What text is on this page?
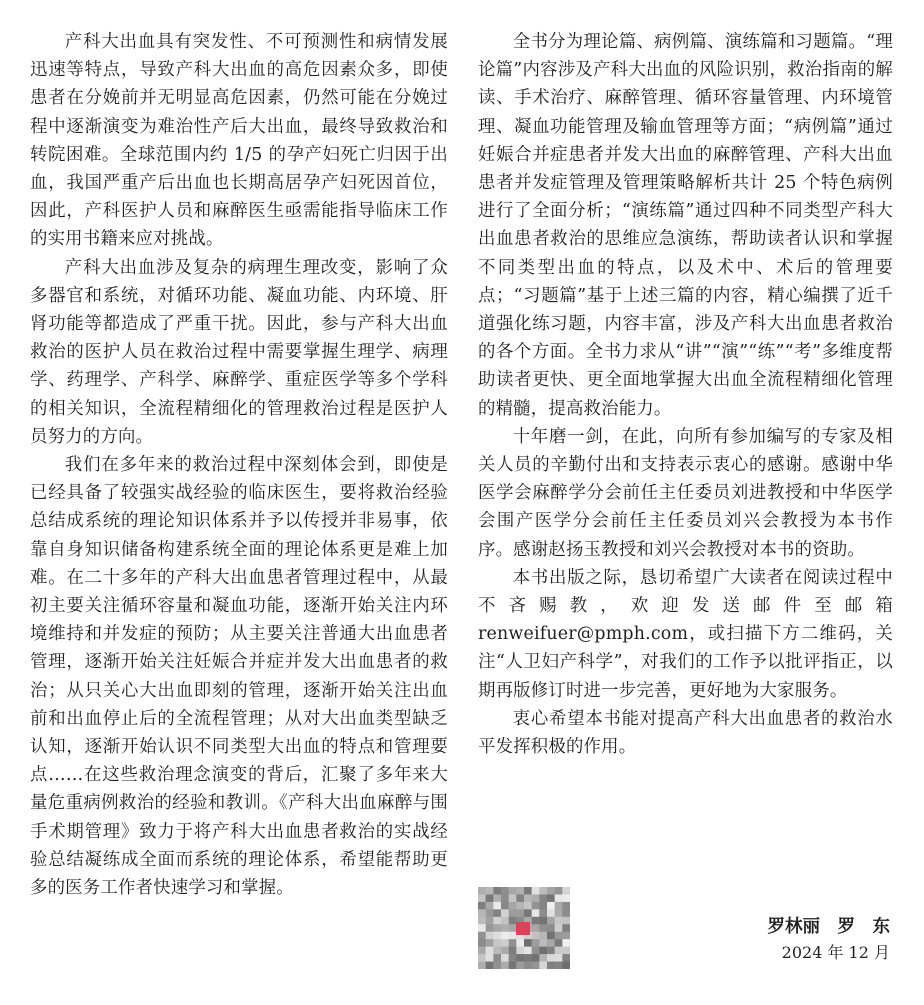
产科大出血具有突发性、不可预测性和病情发展迅速等特点，导致产科大出血的高危因素众多，即使患者在分娩前并无明显高危因素，仍然可能在分娩过程中逐渐演变为难治性产后大出血，最终导致救治和转院困难。全球范围内约 1/5 的孕产妇死亡归因于出血，我国严重产后出血也长期高居孕产妇死因首位，因此，产科医护人员和麻醉医生亟需能指导临床工作的实用书籍来应对挑战。

产科大出血涉及复杂的病理生理改变，影响了众多器官和系统，对循环功能、凝血功能、内环境、肝肾功能等都造成了严重干扰。因此，参与产科大出血救治的医护人员在救治过程中需要掌握生理学、病理学、药理学、产科学、麻醉学、重症医学等多个学科的相关知识，全流程精细化的管理救治过程是医护人员努力的方向。

我们在多年来的救治过程中深刻体会到，即使是已经具备了较强实战经验的临床医生，要将救治经验总结成系统的理论知识体系并予以传授并非易事，依靠自身知识储备构建系统全面的理论体系更是难上加难。在二十多年的产科大出血患者管理过程中，从最初主要关注循环容量和凝血功能，逐渐开始关注内环境维持和并发症的预防；从主要关注普通大出血患者管理，逐渐开始关注妊娠合并症并发大出血患者的救治；从只关心大出血即刻的管理，逐渐开始关注出血前和出血停止后的全流程管理；从对大出血类型缺乏认知，逐渐开始认识不同类型大出血的特点和管理要点……在这些救治理念演变的背后，汇聚了多年来大量危重病例救治的经验和教训。《产科大出血麻醉与围手术期管理》致力于将产科大出血患者救治的实战经验总结凝练成全面而系统的理论体系，希望能帮助更多的医务工作者快速学习和掌握。

全书分为理论篇、病例篇、演练篇和习题篇。“理论篇”内容涉及产科大出血的风险识别，救治指南的解读、手术治疗、麻醉管理、循环容量管理、内环境管理、凝血功能管理及输血管理等方面；“病例篇”通过妊娠合并症患者并发大出血的麻醉管理、产科大出血患者并发症管理及管理策略解析共计 25 个特色病例进行了全面分析；“演练篇”通过四种不同类型产科大出血患者救治的思维应急演练，帮助读者认识和掌握不同类型出血的特点，以及术中、术后的管理要点；“习题篇”基于上述三篇的内容，精心编撰了近千道强化练习题，内容丰富，涉及产科大出血患者救治的各个方面。全书力求从“讲”“演”“练”“考”多维度帮助读者更快、更全面地掌握大出血全流程精细化管理的精髓，提高救治能力。

十年磨一剑，在此，向所有参加编写的专家及相关人员的辛勤付出和支持表示衷心的感谢。感谢中华医学会麻醉学分会前任主任委员刘进教授和中华医学会围产医学分会前任主任委员刘兴会教授为本书作序。感谢赵扬玉教授和刘兴会教授对本书的资助。

本书出版之际，恳切希望广大读者在阅读过程中不吝赐教，欢迎发送邮件至邮箱 renweifuer@pmph.com，或扫描下方二维码，关注“人卫妇产科学”，对我们的工作予以批评指正，以期再版修订时进一步完善，更好地为大家服务。

衷心希望本书能对提高产科大出血患者的救治水平发挥积极的作用。

罗林丽　罗　东
2024 年 12 月
